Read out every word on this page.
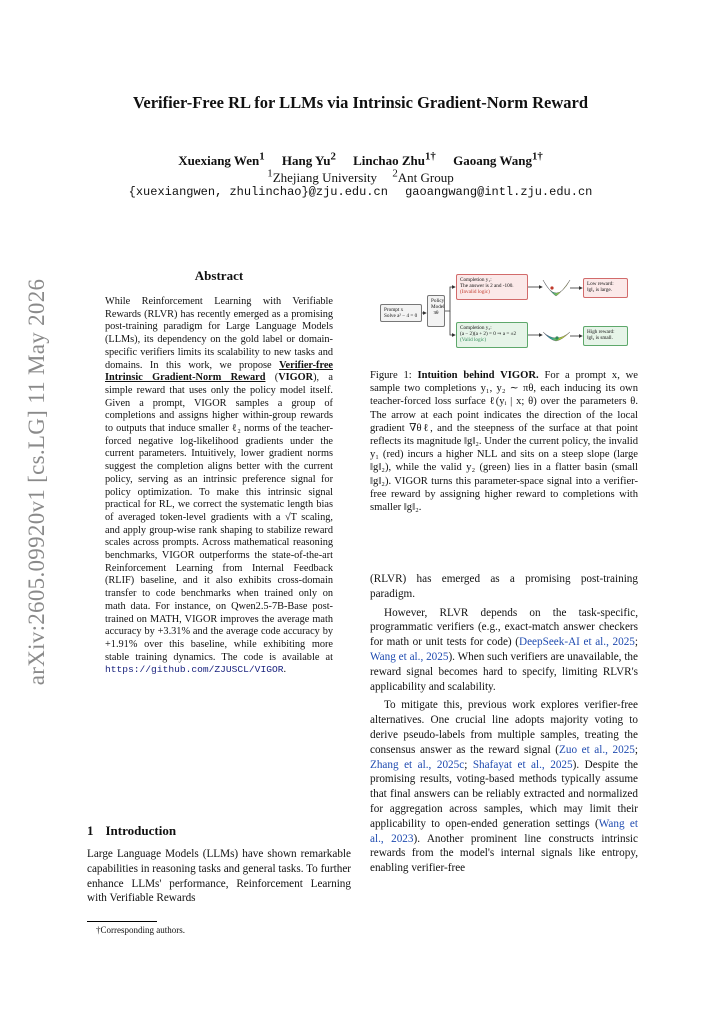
arXiv:2605.09920v1 [cs.LG] 11 May 2026
Verifier-Free RL for LLMs via Intrinsic Gradient-Norm Reward
Xuexiang Wen$^1$ Hang Yu$^2$ Linchao Zhu$^{1\dagger}$ Gaoang Wang$^{1\dagger}$
$^1$Zhejiang University $^2$Ant Group
{xuexiangwen, zhulinchao}@zju.edu.cn gaoangwang@intl.zju.edu.cn
Abstract
While Reinforcement Learning with Verifiable Rewards (RLVR) has recently emerged as a promising post-training paradigm for Large Language Models (LLMs), its dependency on the gold label or domain-specific verifiers limits its scalability to new tasks and domains. In this work, we propose Verifier-free Intrinsic Gradient-Norm Reward (VIGOR), a simple reward that uses only the policy model itself. Given a prompt, VIGOR samples a group of completions and assigns higher within-group rewards to outputs that induce smaller ℓ₂ norms of the teacher-forced negative log-likelihood gradients under the current parameters. Intuitively, lower gradient norms suggest the completion aligns better with the current policy, serving as an intrinsic preference signal for policy optimization. To make this intrinsic signal practical for RL, we correct the systematic length bias of averaged token-level gradients with a √T scaling, and apply group-wise rank shaping to stabilize reward scales across prompts. Across mathematical reasoning benchmarks, VIGOR outperforms the state-of-the-art Reinforcement Learning from Internal Feedback (RLIF) baseline, and it also exhibits cross-domain transfer to code benchmarks when trained only on math data. For instance, on Qwen2.5-7B-Base post-trained on MATH, VIGOR improves the average math accuracy by +3.31% and the average code accuracy by +1.91% over this baseline, while exhibiting more stable training dynamics. The code is available at https://github.com/ZJUSCL/VIGOR.
1 Introduction
Large Language Models (LLMs) have shown remarkable capabilities in reasoning tasks and general tasks. To further enhance LLMs' performance, Reinforcement Learning with Verifiable Rewards
†Corresponding authors.
Prompt x
Solve a² − 4 = 0
Policy Model
πθ
Completion y₁:
The answer is 2 and -100.
(Invalid logic)
Completion y₂:
(a − 2)(a + 2) = 0 ⇒ a = ±2
(Valid logic)
Low reward:
‖g‖₂ is large.
High reward:
‖g‖₂ is small.
Figure 1: Intuition behind VIGOR. For a prompt x, we sample two completions y₁, y₂ ∼ πθ, each inducing its own teacher-forced loss surface ℓ(yᵢ | x; θ) over the parameters θ. The arrow at each point indicates the direction of the local gradient ∇θℓ, and the steepness of the surface at that point reflects its magnitude ‖g‖₂. Under the current policy, the invalid y₁ (red) incurs a higher NLL and sits on a steep slope (large ‖g‖₂), while the valid y₂ (green) lies in a flatter basin (small ‖g‖₂). VIGOR turns this parameter-space signal into a verifier-free reward by assigning higher reward to completions with smaller ‖g‖₂.

(RLVR) has emerged as a promising post-training paradigm.

However, RLVR depends on the task-specific, programmatic verifiers (e.g., exact-match answer checkers for math or unit tests for code) (DeepSeek-AI et al., 2025; Wang et al., 2025). When such verifiers are unavailable, the reward signal becomes hard to specify, limiting RLVR's applicability and scalability.

To mitigate this, previous work explores verifier-free alternatives. One crucial line adopts majority voting to derive pseudo-labels from multiple samples, treating the consensus answer as the reward signal (Zuo et al., 2025; Zhang et al., 2025c; Shafayat et al., 2025). Despite the promising results, voting-based methods typically assume that final answers can be reliably extracted and normalized for aggregation across samples, which may limit their applicability to open-ended generation settings (Wang et al., 2023). Another prominent line constructs intrinsic rewards from the model's internal signals like entropy, enabling verifier-free
